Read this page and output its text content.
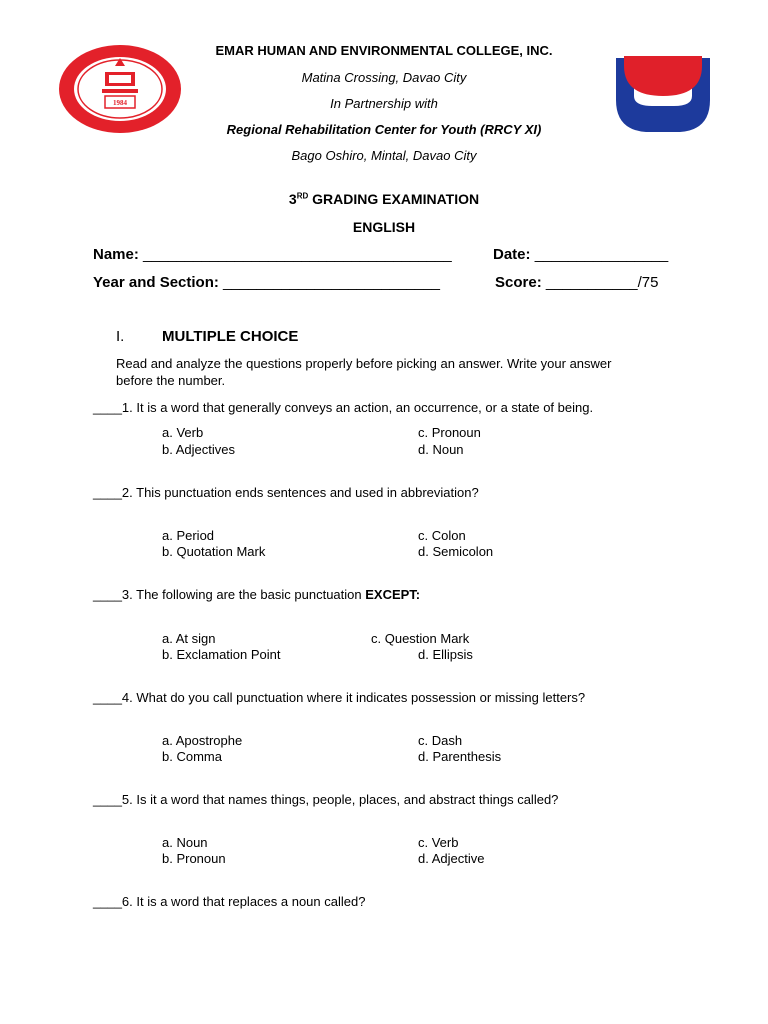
1984
EMAR HUMAN AND ENVIRONMENTAL COLLEGE, INC.
Matina Crossing, Davao City
In Partnership with
Regional Rehabilitation Center for Youth (RRCY XI)
Bago Oshiro, Mintal, Davao City
3RD GRADING EXAMINATION
ENGLISH
Name: _____________________________________	Date: ________________
Year and Section: __________________________	Score: ___________/75
I.	MULTIPLE CHOICE
Read and analyze the questions properly before picking an answer. Write your answer
before the number.
____1. It is a word that generally conveys an action, an occurrence, or a state of being.
a. Verb
b. Adjectives
c. Pronoun
d. Noun
____2. This punctuation ends sentences and used in abbreviation?
a. Period
b. Quotation Mark
c. Colon
d. Semicolon
____3. The following are the basic punctuation EXCEPT:
a. At sign
b. Exclamation Point
c. Question Mark
d. Ellipsis
____4. What do you call punctuation where it indicates possession or missing letters?
a. Apostrophe
b. Comma
c. Dash
d. Parenthesis
____5. Is it a word that names things, people, places, and abstract things called?
a. Noun
b. Pronoun
c. Verb
d. Adjective
____6. It is a word that replaces a noun called?
